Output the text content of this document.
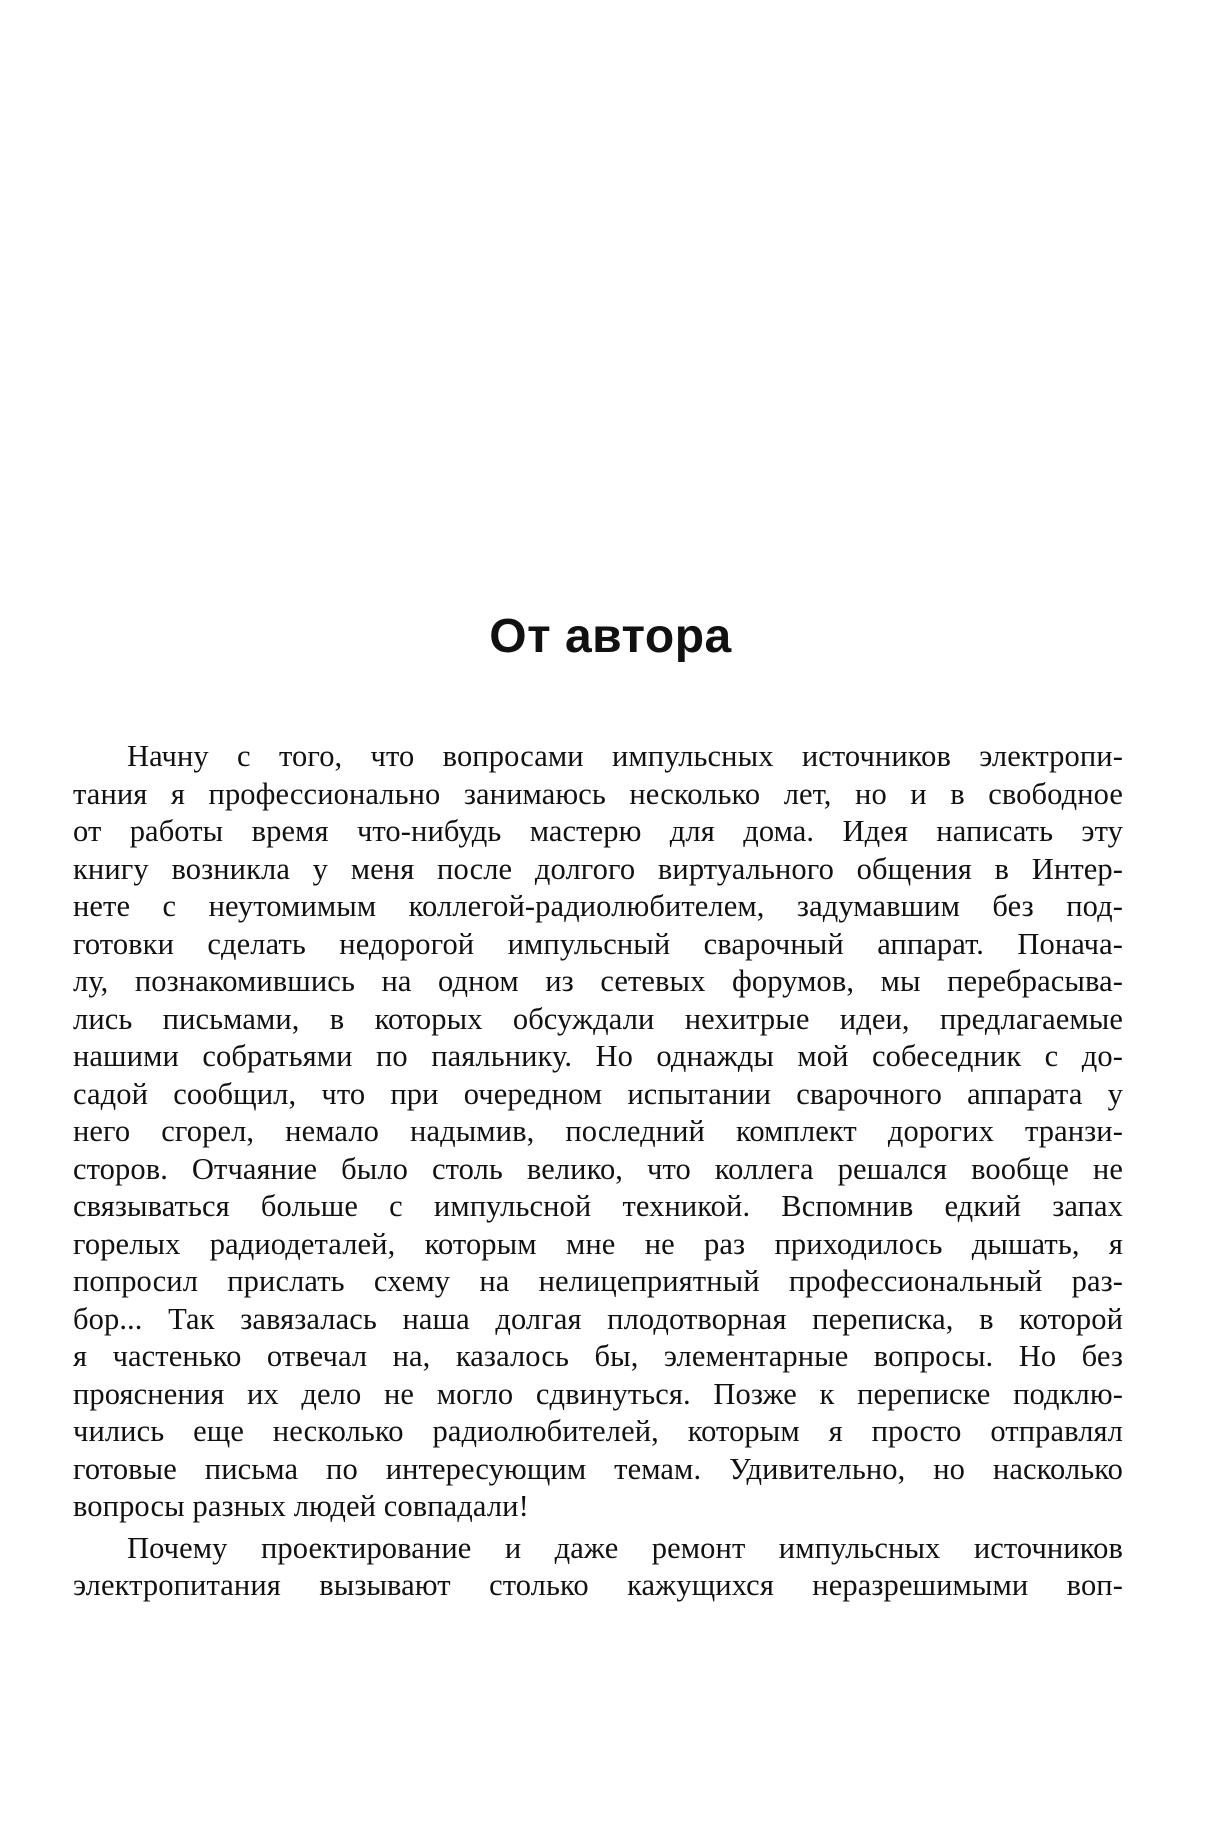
От автора
Начну с того, что вопросами импульсных источников электропи-
тания я профессионально занимаюсь несколько лет, но и в свободное
от работы время что-нибудь мастерю для дома. Идея написать эту
книгу возникла у меня после долгого виртуального общения в Интер-
нете с неутомимым коллегой-радиолюбителем, задумавшим без под-
готовки сделать недорогой импульсный сварочный аппарат. Понача-
лу, познакомившись на одном из сетевых форумов, мы перебрасыва-
лись письмами, в которых обсуждали нехитрые идеи, предлагаемые
нашими собратьями по паяльнику. Но однажды мой собеседник с до-
садой сообщил, что при очередном испытании сварочного аппарата у
него сгорел, немало надымив, последний комплект дорогих транзи-
сторов. Отчаяние было столь велико, что коллега решался вообще не
связываться больше с импульсной техникой. Вспомнив едкий запах
горелых радиодеталей, которым мне не раз приходилось дышать, я
попросил прислать схему на нелицеприятный профессиональный раз-
бор... Так завязалась наша долгая плодотворная переписка, в которой
я частенько отвечал на, казалось бы, элементарные вопросы. Но без
прояснения их дело не могло сдвинуться. Позже к переписке подклю-
чились еще несколько радиолюбителей, которым я просто отправлял
готовые письма по интересующим темам. Удивительно, но насколько
вопросы разных людей совпадали!
Почему проектирование и даже ремонт импульсных источников
электропитания вызывают столько кажущихся неразрешимыми воп-
